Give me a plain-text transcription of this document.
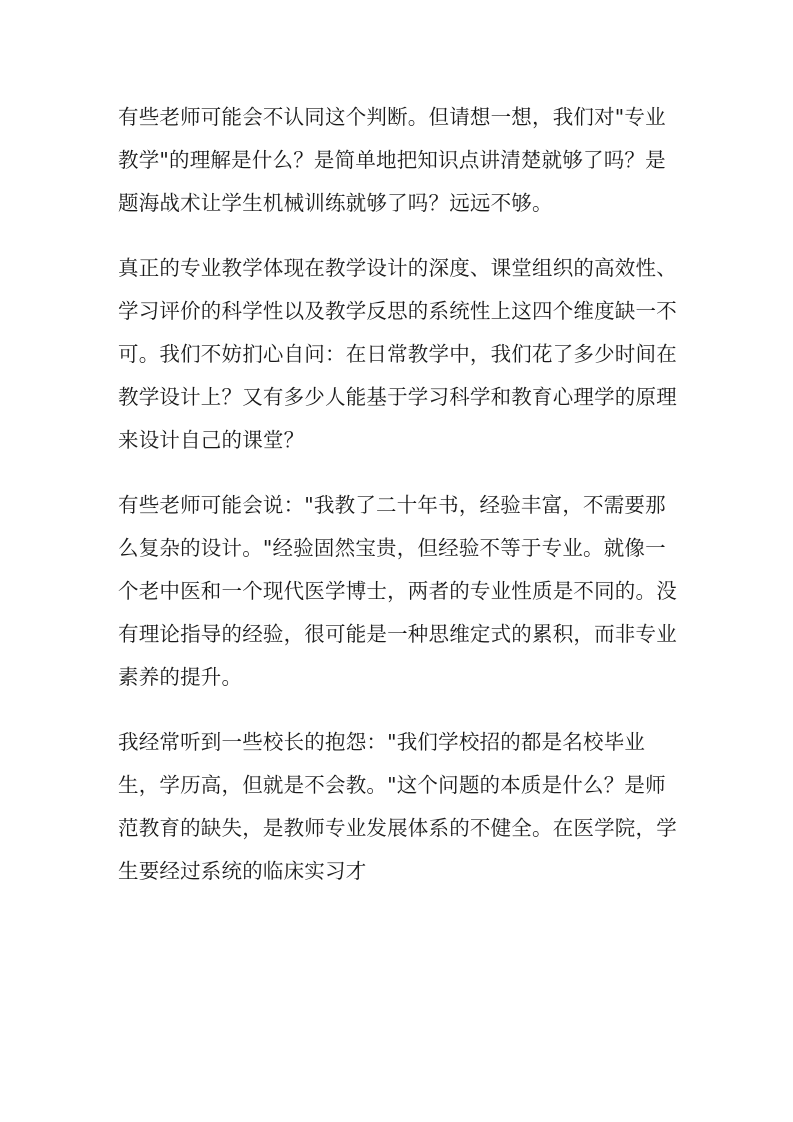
有些老师可能会不认同这个判断。但请想一想，我们对"专业教学"的理解是什么？是简单地把知识点讲清楚就够了吗？是题海战术让学生机械训练就够了吗？远远不够。

真正的专业教学体现在教学设计的深度、课堂组织的高效性、学习评价的科学性以及教学反思的系统性上这四个维度缺一不可。我们不妨扪心自问：在日常教学中，我们花了多少时间在教学设计上？又有多少人能基于学习科学和教育心理学的原理来设计自己的课堂？

有些老师可能会说："我教了二十年书，经验丰富，不需要那么复杂的设计。"经验固然宝贵，但经验不等于专业。就像一个老中医和一个现代医学博士，两者的专业性质是不同的。没有理论指导的经验，很可能是一种思维定式的累积，而非专业素养的提升。

我经常听到一些校长的抱怨："我们学校招的都是名校毕业生，学历高，但就是不会教。"这个问题的本质是什么？是师范教育的缺失，是教师专业发展体系的不健全。在医学院，学生要经过系统的临床实习才
